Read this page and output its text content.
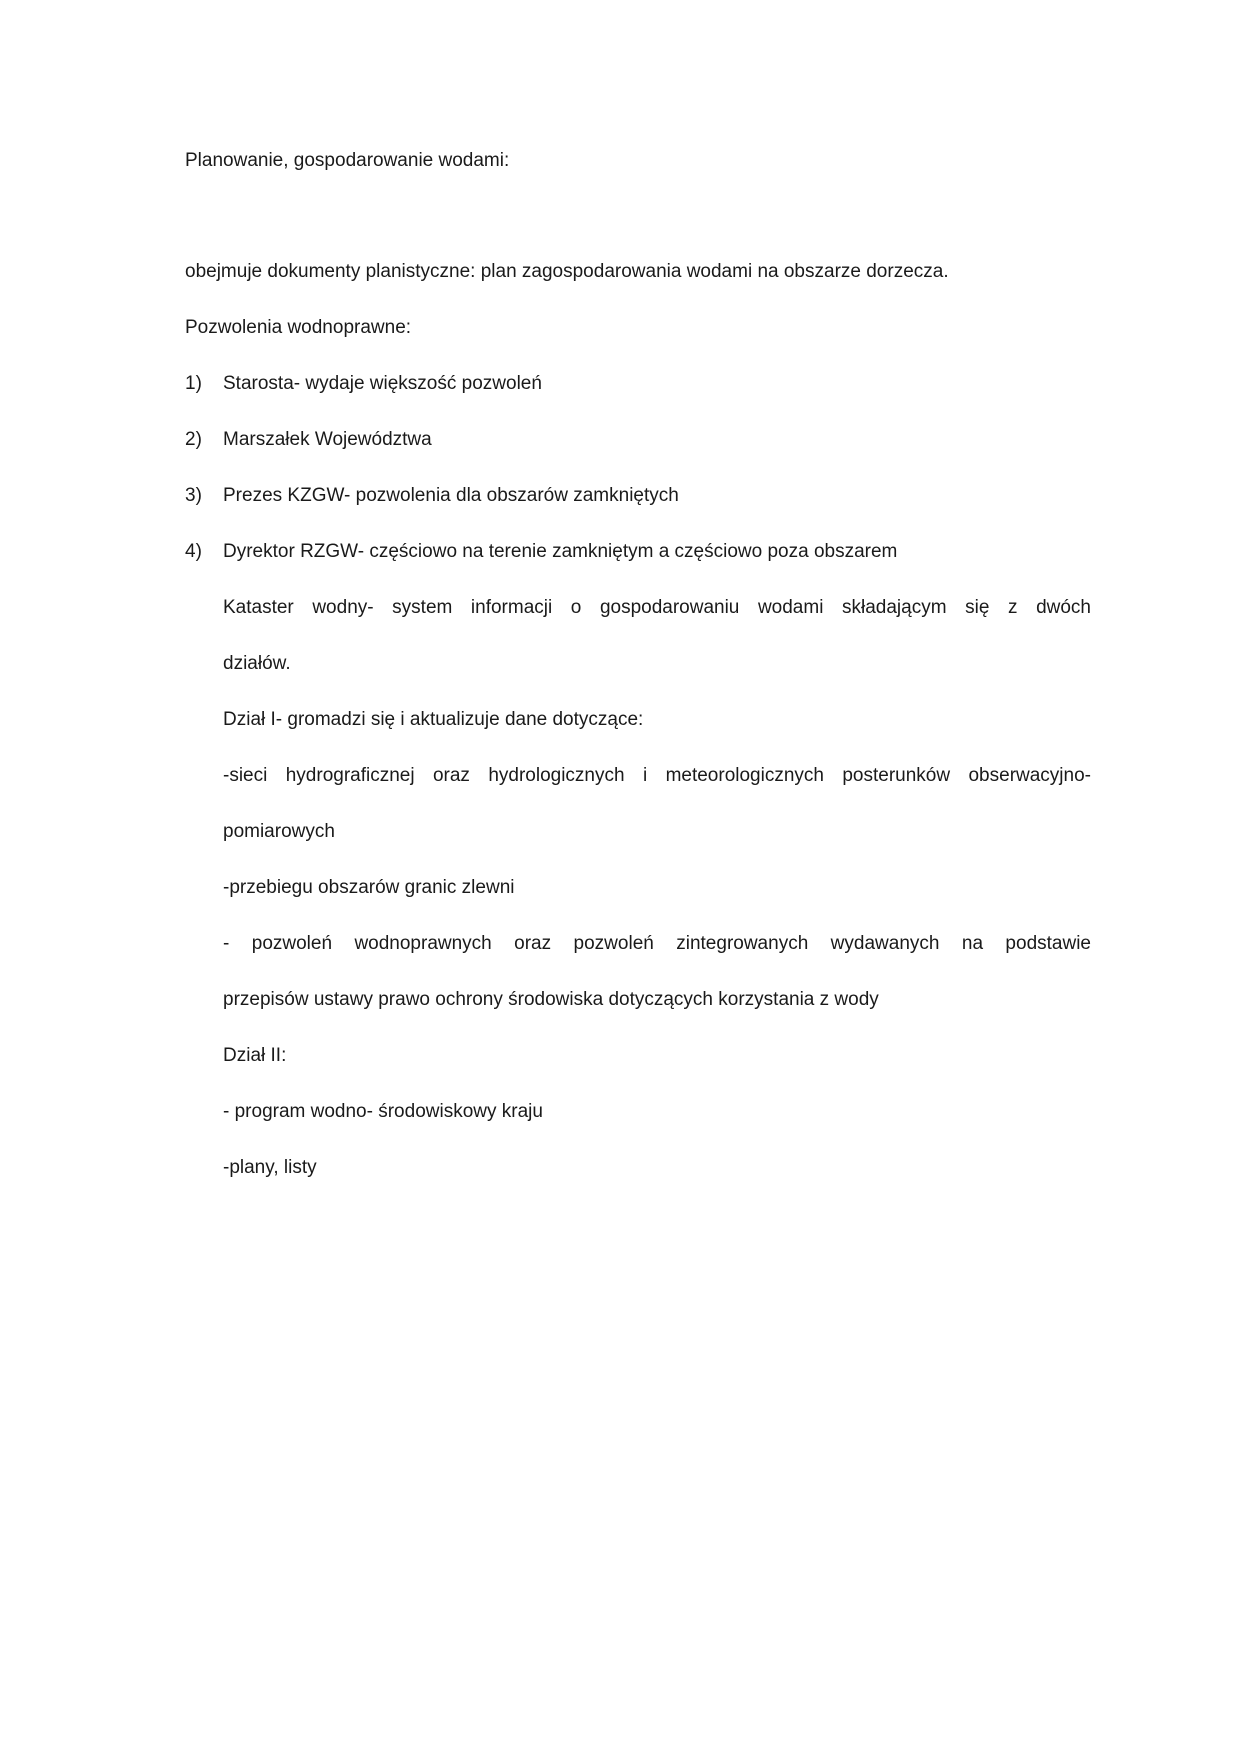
Planowanie, gospodarowanie wodami:
obejmuje dokumenty planistyczne: plan zagospodarowania wodami na obszarze dorzecza.
Pozwolenia wodnoprawne:
1) Starosta- wydaje większość pozwoleń
2) Marszałek Województwa
3) Prezes KZGW- pozwolenia dla obszarów zamkniętych
4) Dyrektor RZGW- częściowo na terenie zamkniętym a częściowo poza obszarem
Kataster wodny- system informacji o gospodarowaniu wodami składającym się z dwóch
działów.
Dział I- gromadzi się i aktualizuje dane dotyczące:
-sieci hydrograficznej oraz hydrologicznych i meteorologicznych posterunków obserwacyjno-
pomiarowych
-przebiegu obszarów granic zlewni
- pozwoleń wodnoprawnych oraz pozwoleń zintegrowanych wydawanych na podstawie
przepisów ustawy prawo ochrony środowiska dotyczących korzystania z wody
Dział II:
- program wodno- środowiskowy kraju
-plany, listy
